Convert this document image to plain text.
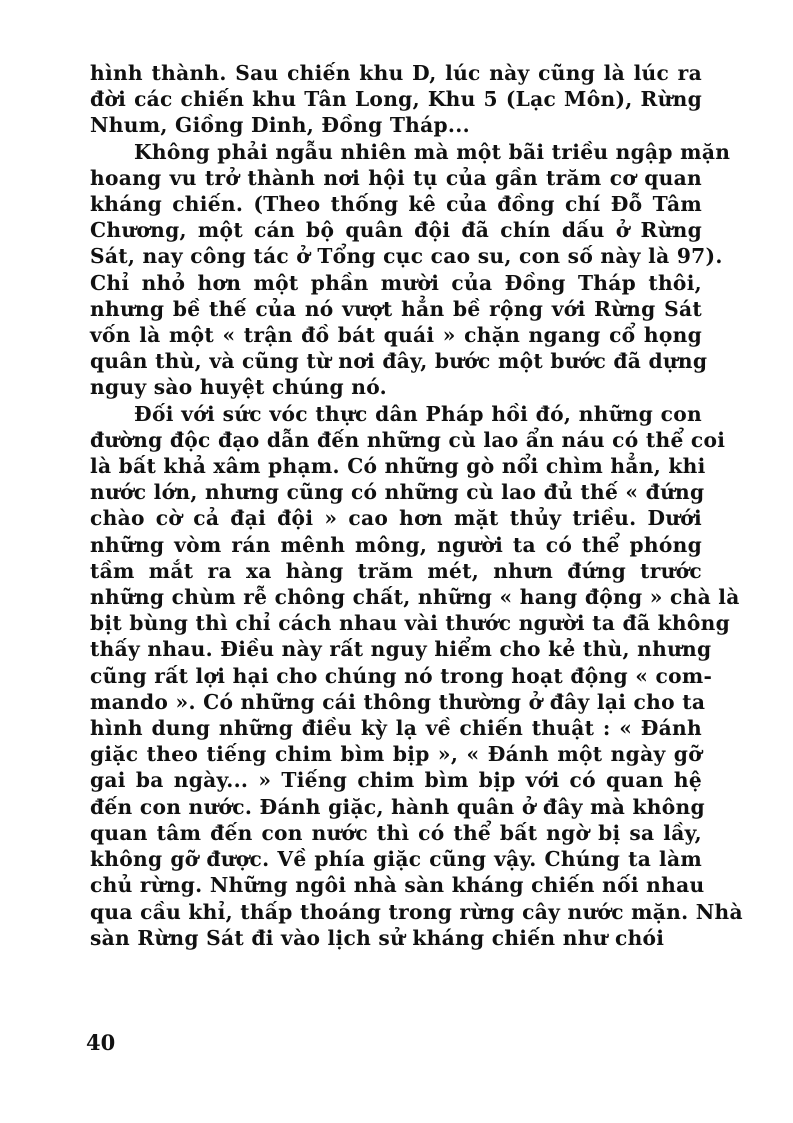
hình thành. Sau chiến khu D, lúc này cũng là lúc ra
đời các chiến khu Tân Long, Khu 5 (Lạc Môn), Rừng
Nhum, Giồng Dinh, Đồng Tháp...
Không phải ngẫu nhiên mà một bãi triều ngập mặn
hoang vu trở thành nơi hội tụ của gần trăm cơ quan
kháng chiến. (Theo thống kê của đồng chí Đỗ Tâm
Chương, một cán bộ quân đội đã chín dấu ở Rừng
Sát, nay công tác ở Tổng cục cao su, con số này là 97).
Chỉ nhỏ hơn một phần mười của Đồng Tháp thôi,
nhưng bề thế của nó vượt hẳn bề rộng với Rừng Sát
vốn là một « trận đồ bát quái » chặn ngang cổ họng
quân thù, và cũng từ nơi đây, bước một bước đã dựng
nguy sào huyệt chúng nó.
Đối với sức vóc thực dân Pháp hồi đó, những con
đường độc đạo dẫn đến những cù lao ẩn náu có thể coi
là bất khả xâm phạm. Có những gò nổi chìm hẳn, khi
nước lớn, nhưng cũng có những cù lao đủ thế « đứng
chào cờ cả đại đội » cao hơn mặt thủy triều. Dưới
những vòm rán mênh mông, người ta có thể phóng
tầm mắt ra xa hàng trăm mét, nhưn đứng trước
những chùm rễ chông chất, những « hang động » chà là
bịt bùng thì chỉ cách nhau vài thước người ta đã không
thấy nhau. Điều này rất nguy hiểm cho kẻ thù, nhưng
cũng rất lợi hại cho chúng nó trong hoạt động « com-
mando ». Có những cái thông thường ở đây lại cho ta
hình dung những điều kỳ lạ về chiến thuật : « Đánh
giặc theo tiếng chim bìm bịp », « Đánh một ngày gỡ
gai ba ngày... » Tiếng chim bìm bịp với có quan hệ
đến con nước. Đánh giặc, hành quân ở đây mà không
quan tâm đến con nước thì có thể bất ngờ bị sa lầy,
không gỡ được. Về phía giặc cũng vậy. Chúng ta làm
chủ rừng. Những ngôi nhà sàn kháng chiến nối nhau
qua cầu khỉ, thấp thoáng trong rừng cây nước mặn. Nhà
sàn Rừng Sát đi vào lịch sử kháng chiến như chói
40
